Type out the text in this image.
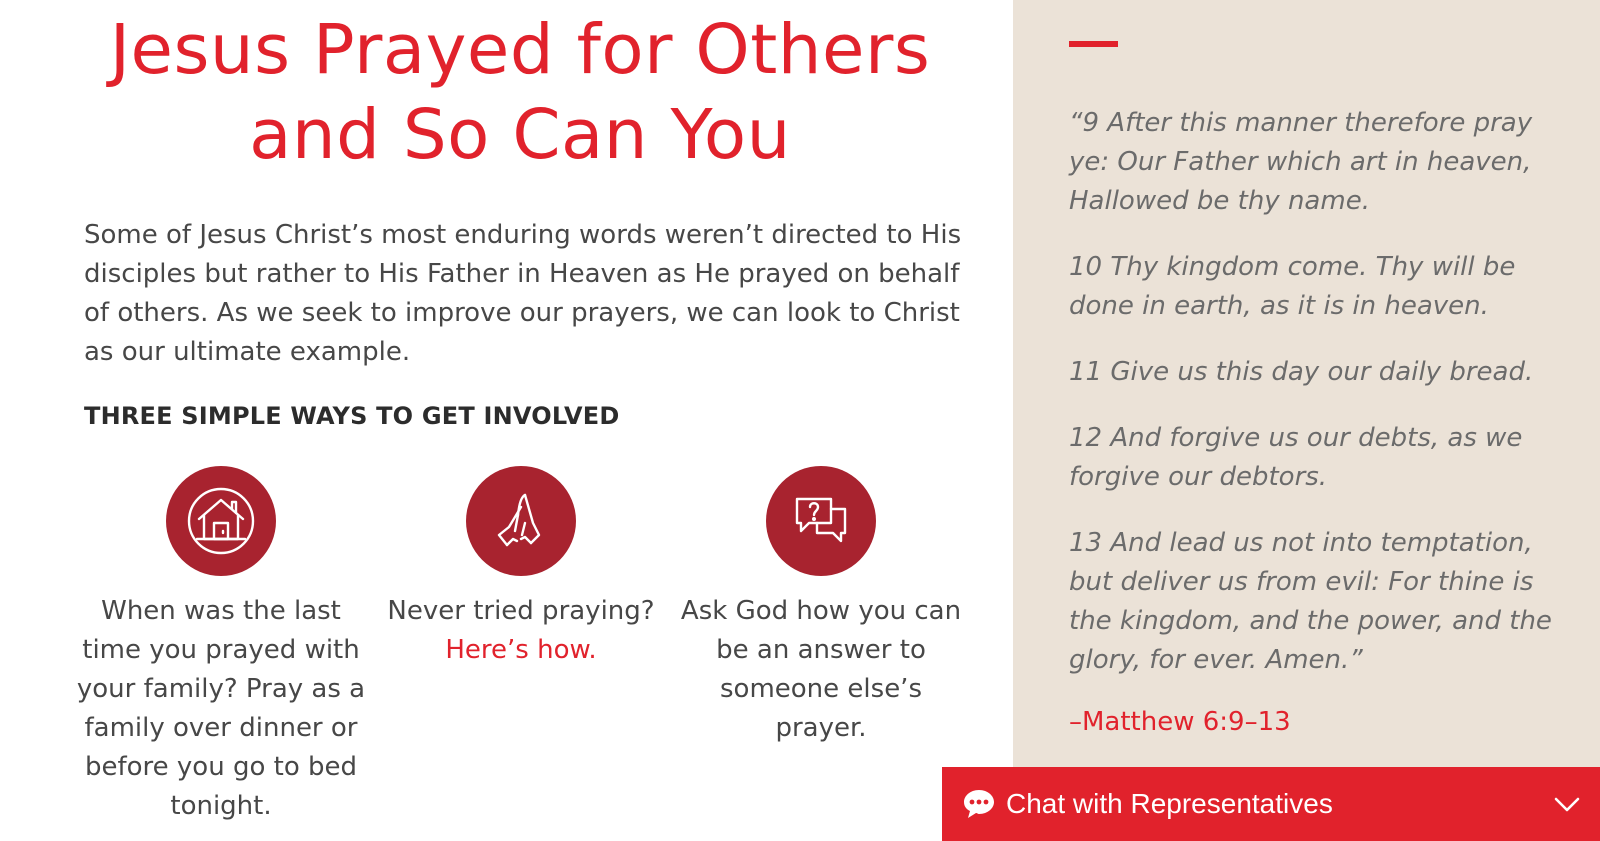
Jesus Prayed for Others
and So Can You

Some of Jesus Christ’s most enduring words weren’t directed to His disciples but rather to His Father in Heaven as He prayed on behalf of others. As we seek to improve our prayers, we can look to Christ as our ultimate example.

THREE SIMPLE WAYS TO GET INVOLVED

When was the last time you prayed with your family? Pray as a family over dinner or before you go to bed tonight.

Never tried praying?
Here’s how.

Ask God how you can be an answer to someone else’s prayer.

“9 After this manner therefore pray ye: Our Father which art in heaven, Hallowed be thy name.

10 Thy kingdom come. Thy will be done in earth, as it is in heaven.

11 Give us this day our daily bread.

12 And forgive us our debts, as we forgive our debtors.

13 And lead us not into temptation, but deliver us from evil: For thine is the kingdom, and the power, and the glory, for ever. Amen.”

–Matthew 6:9–13

Chat with Representatives
